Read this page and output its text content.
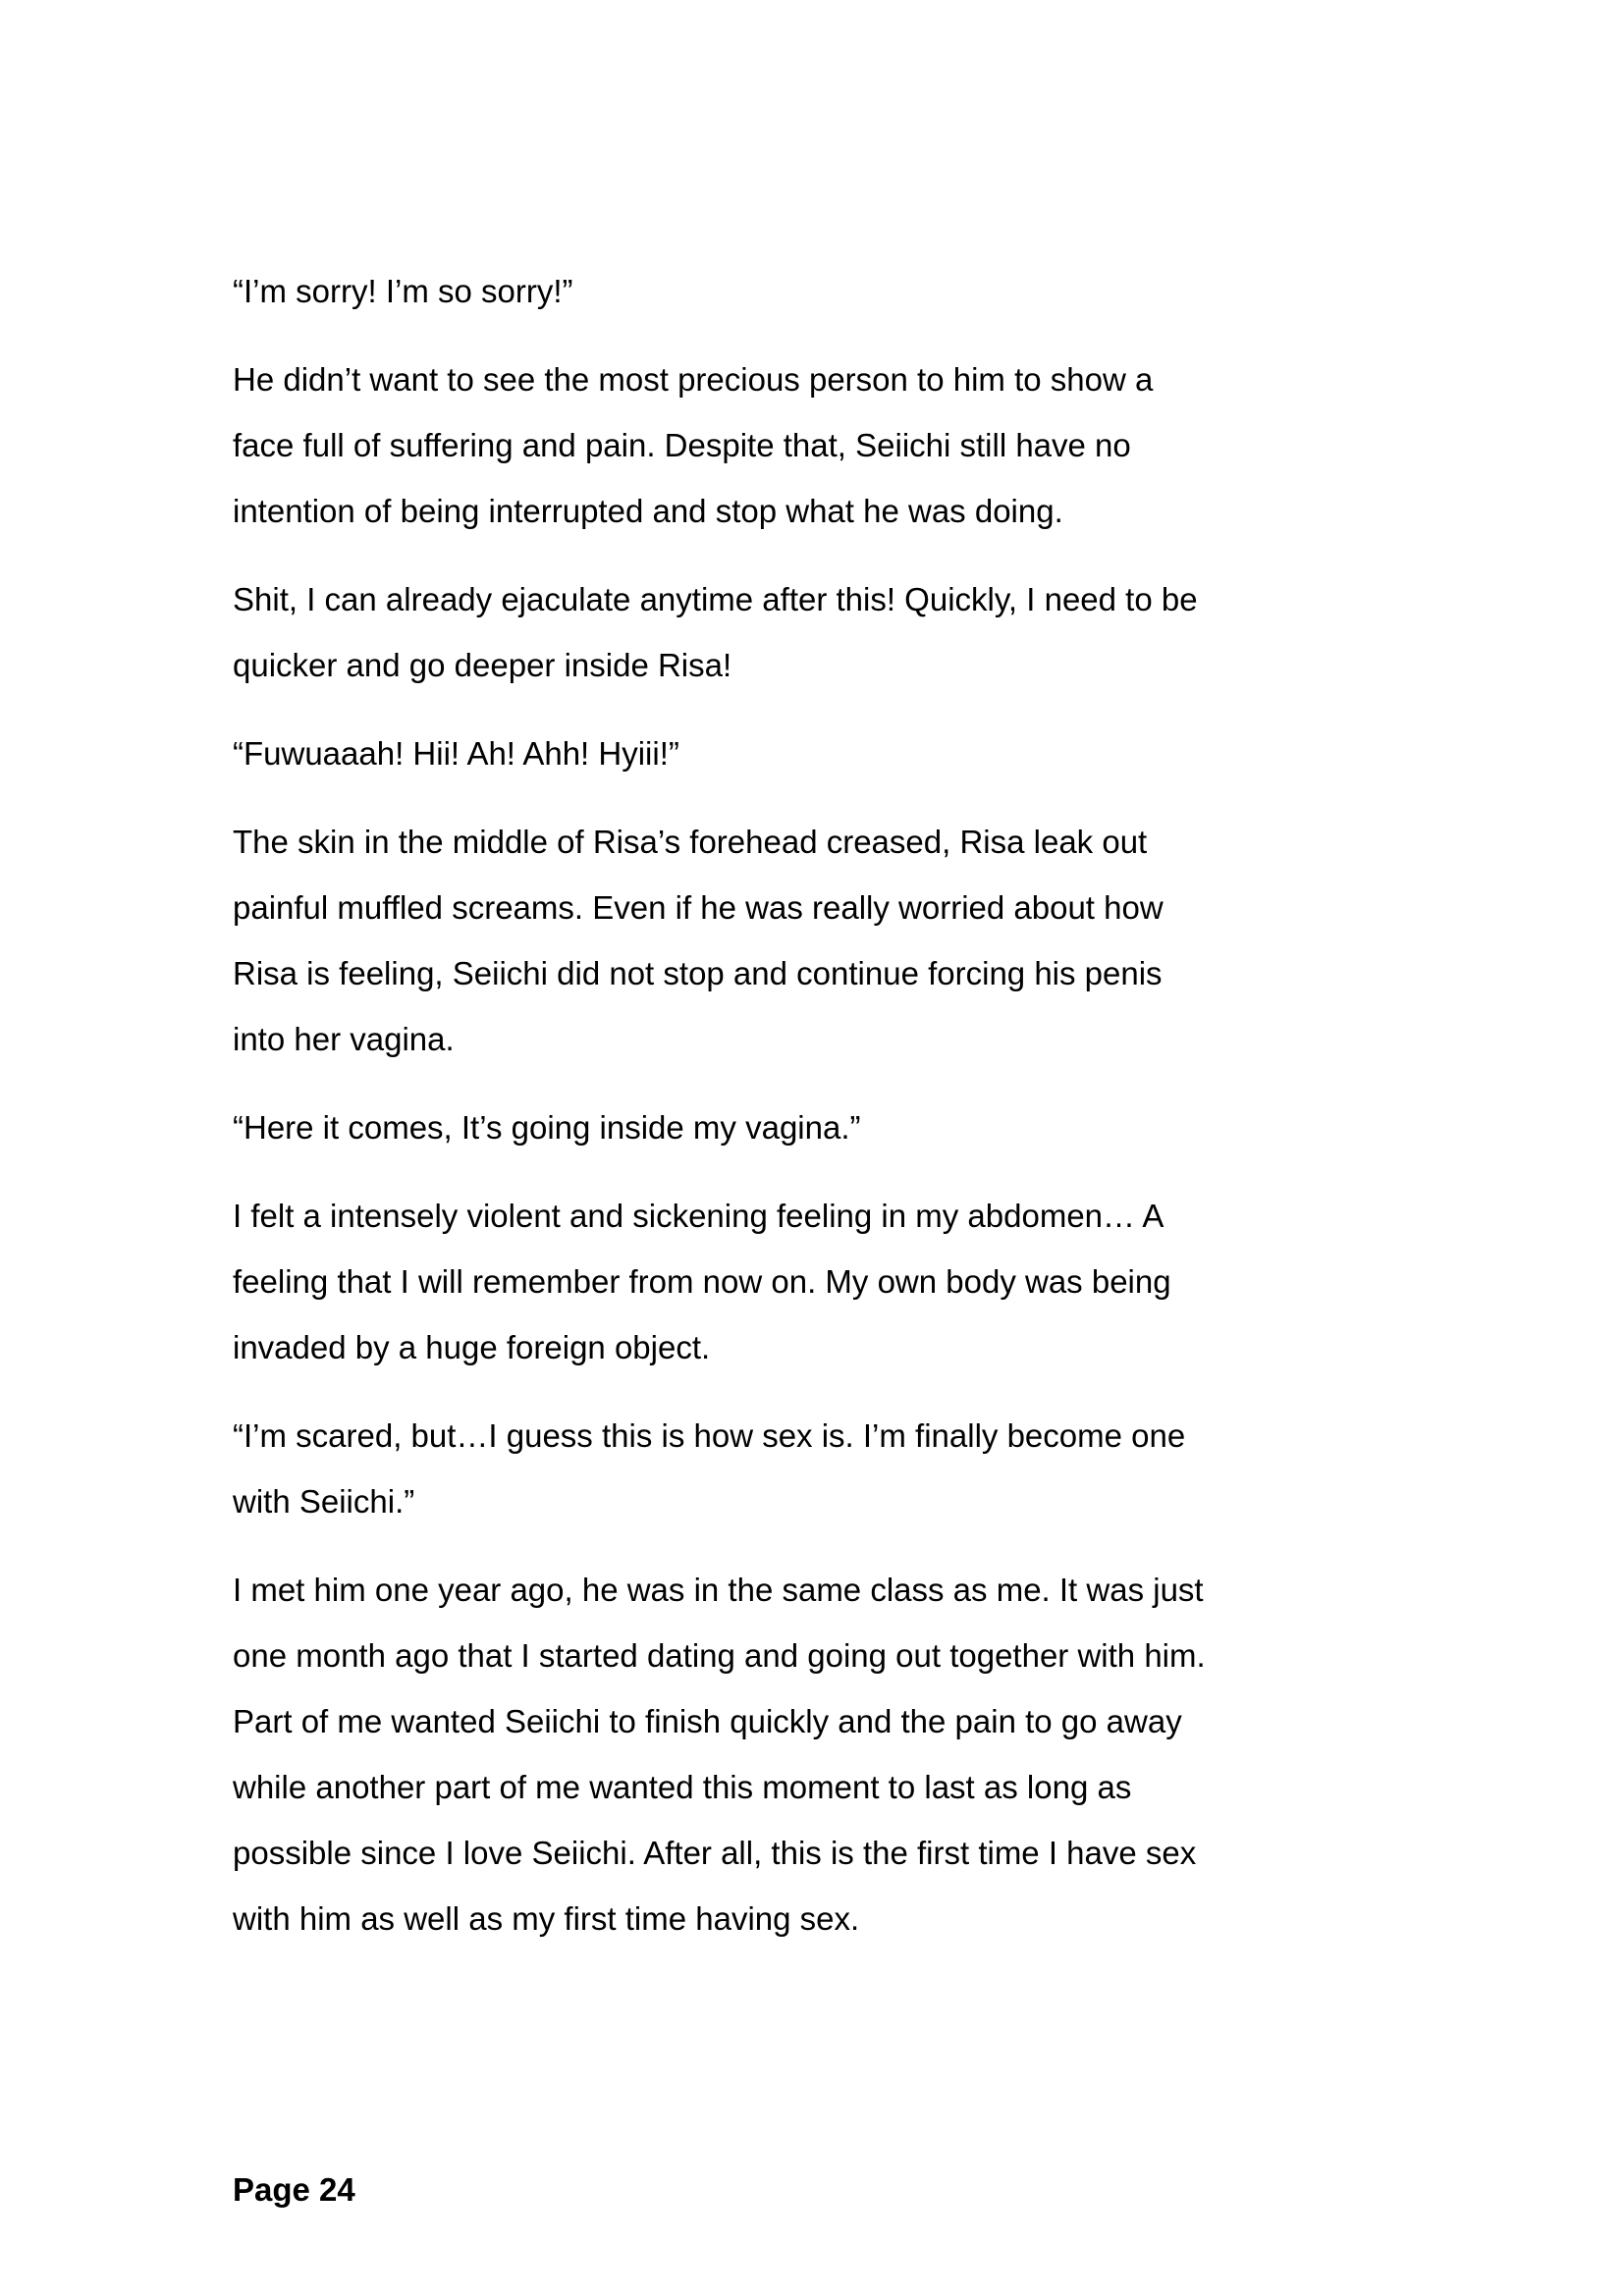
“I’m sorry! I’m so sorry!”

He didn’t want to see the most precious person to him to show a
face full of suffering and pain. Despite that, Seiichi still have no
intention of being interrupted and stop what he was doing.

Shit, I can already ejaculate anytime after this! Quickly, I need to be
quicker and go deeper inside Risa!

“Fuwuaaah! Hii! Ah! Ahh! Hyiii!”

The skin in the middle of Risa’s forehead creased, Risa leak out
painful muffled screams. Even if he was really worried about how
Risa is feeling, Seiichi did not stop and continue forcing his penis
into her vagina.

“Here it comes, It’s going inside my vagina.”

I felt a intensely violent and sickening feeling in my abdomen… A
feeling that I will remember from now on. My own body was being
invaded by a huge foreign object.

“I’m scared, but…I guess this is how sex is. I’m finally become one
with Seiichi.”

I met him one year ago, he was in the same class as me. It was just
one month ago that I started dating and going out together with him.
Part of me wanted Seiichi to finish quickly and the pain to go away
while another part of me wanted this moment to last as long as
possible since I love Seiichi. After all, this is the first time I have sex
with him as well as my first time having sex.

Page 24
